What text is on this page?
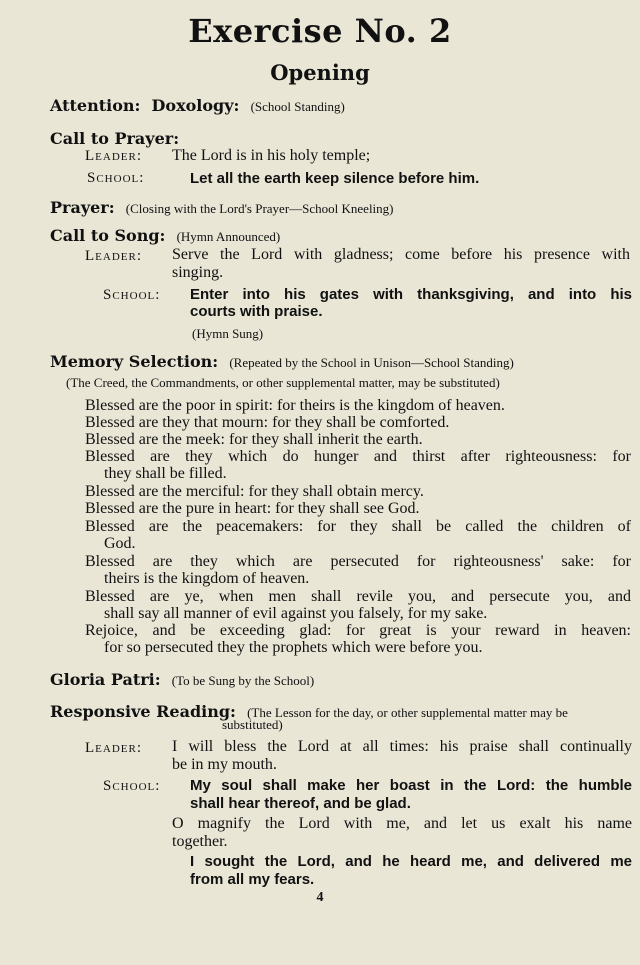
Exercise No. 2
Opening
Attention: Doxology: (School Standing)
Call to Prayer:
Leader: The Lord is in his holy temple;
School:	Let all the earth keep silence before him.
Prayer: (Closing with the Lord's Prayer—School Kneeling)
Call to Song: (Hymn Announced)
Leader: Serve the Lord with gladness; come before his presence with
singing.
School: Enter into his gates with thanksgiving, and into his
courts with praise.
(Hymn Sung)
Memory Selection: (Repeated by the School in Unison—School Standing)
(The Creed, the Commandments, or other supplemental matter, may be substituted)
Blessed are the poor in spirit: for theirs is the kingdom of heaven.
Blessed are they that mourn: for they shall be comforted.
Blessed are the meek: for they shall inherit the earth.
Blessed are they which do hunger and thirst after righteousness: for
they shall be filled.
Blessed are the merciful: for they shall obtain mercy.
Blessed are the pure in heart: for they shall see God.
Blessed are the peacemakers: for they shall be called the children of
God.
Blessed are they which are persecuted for righteousness' sake: for
theirs is the kingdom of heaven.
Blessed are ye, when men shall revile you, and persecute you, and
shall say all manner of evil against you falsely, for my sake.
Rejoice, and be exceeding glad: for great is your reward in heaven:
for so persecuted they the prophets which were before you.
Gloria Patri: (To be Sung by the School)
Responsive Reading: (The Lesson for the day, or other supplemental matter may be
substituted)
Leader: I will bless the Lord at all times: his praise shall continually
be in my mouth.
School: My soul shall make her boast in the Lord: the humble
shall hear thereof, and be glad.
O magnify the Lord with me, and let us exalt his name
together.
I sought the Lord, and he heard me, and delivered me
from all my fears.
4
